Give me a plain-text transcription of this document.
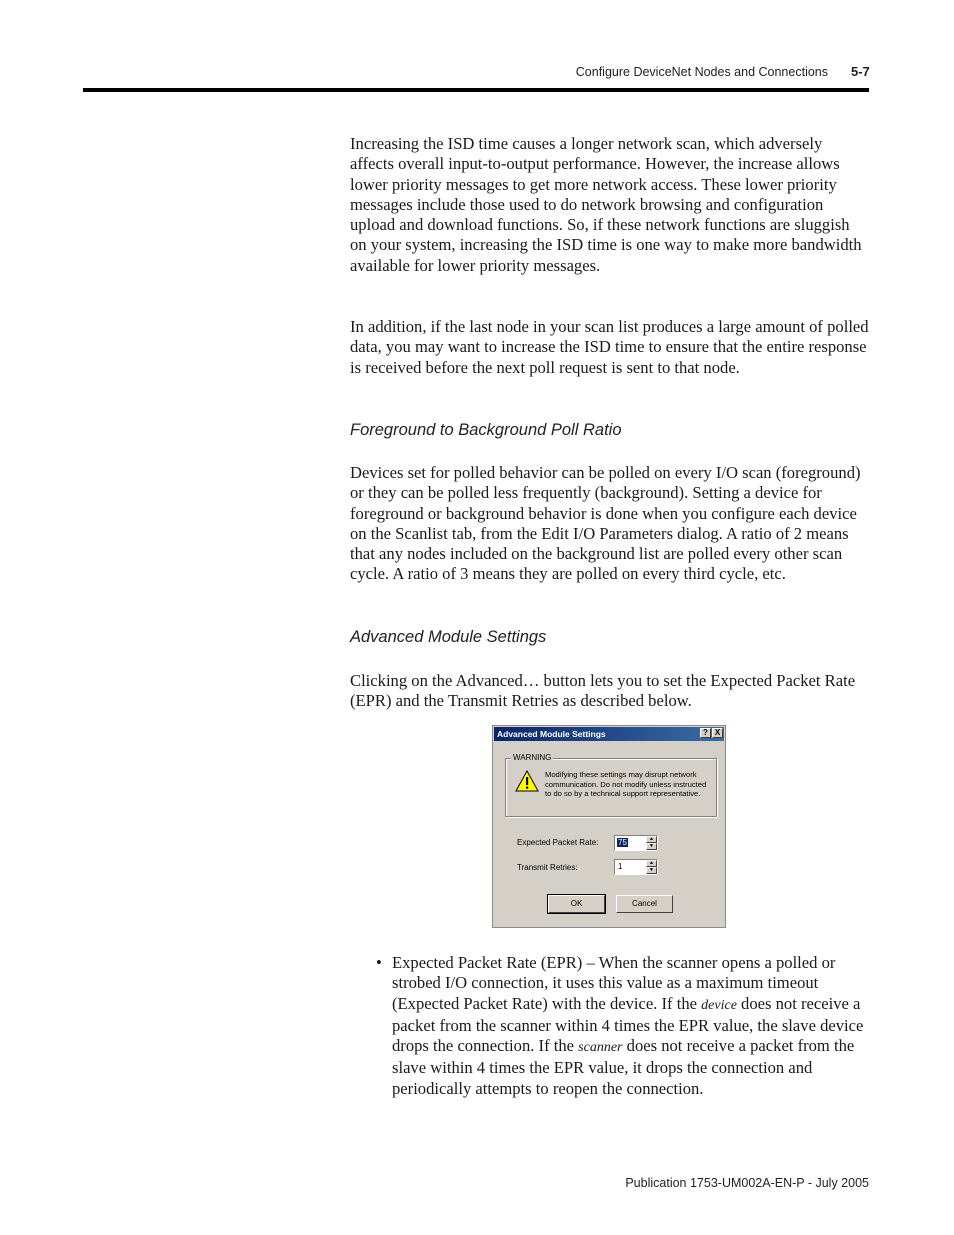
Configure DeviceNet Nodes and Connections 5-7

Increasing the ISD time causes a longer network scan, which adversely affects overall input-to-output performance. However, the increase allows lower priority messages to get more network access. These lower priority messages include those used to do network browsing and configuration upload and download functions. So, if these network functions are sluggish on your system, increasing the ISD time is one way to make more bandwidth available for lower priority messages.

In addition, if the last node in your scan list produces a large amount of polled data, you may want to increase the ISD time to ensure that the entire response is received before the next poll request is sent to that node.

Foreground to Background Poll Ratio

Devices set for polled behavior can be polled on every I/O scan (foreground) or they can be polled less frequently (background). Setting a device for foreground or background behavior is done when you configure each device on the Scanlist tab, from the Edit I/O Parameters dialog. A ratio of 2 means that any nodes included on the background list are polled every other scan cycle. A ratio of 3 means they are polled on every third cycle, etc.

Advanced Module Settings

Clicking on the Advanced… button lets you to set the Expected Packet Rate (EPR) and the Transmit Retries as described below.

Advanced Module Settings	? X
WARNING
Modifying these settings may disrupt network communication. Do not modify unless instructed to do so by a technical support representative.
Expected Packet Rate: 75	▲
▼
Transmit Retries:	1	▲
▼
OK	Cancel
• Expected Packet Rate (EPR) – When the scanner opens a polled or strobed I/O connection, it uses this value as a maximum timeout (Expected Packet Rate) with the device. If the device does not receive a packet from the scanner within 4 times the EPR value, the slave device drops the connection. If the scanner does not receive a packet from the slave within 4 times the EPR value, it drops the connection and periodically attempts to reopen the connection.
Publication 1753-UM002A-EN-P - July 2005
